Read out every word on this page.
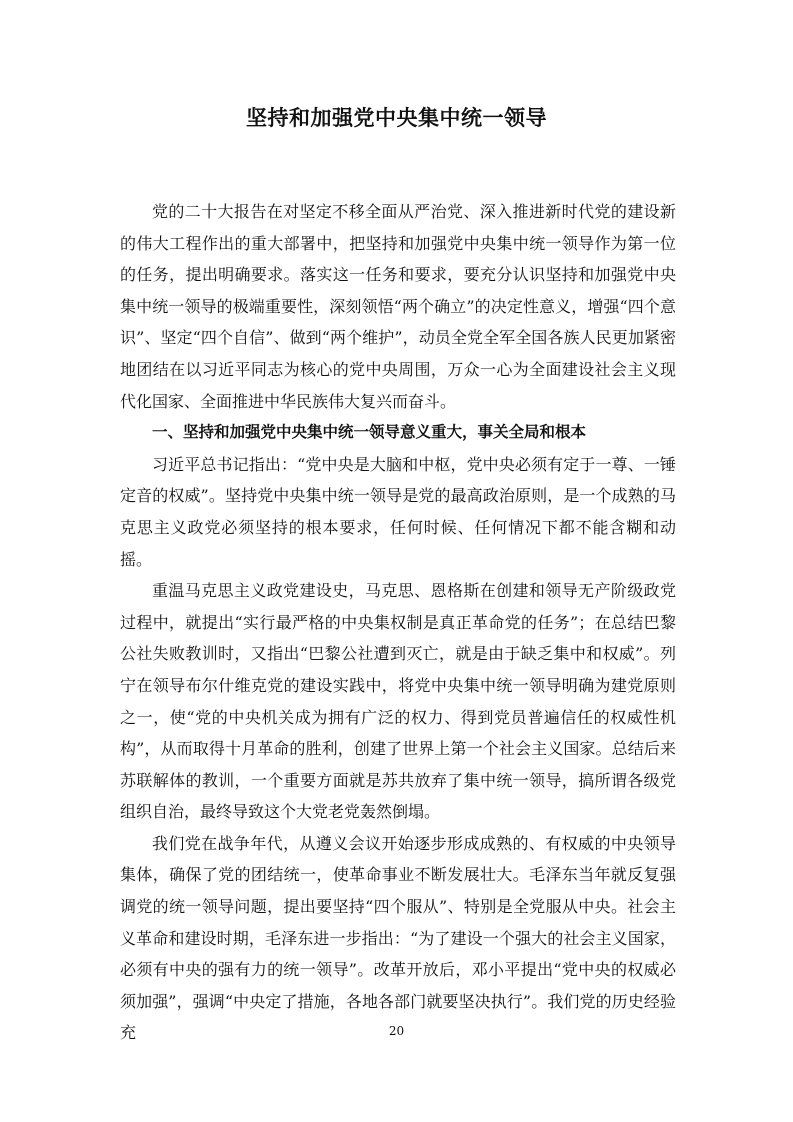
坚持和加强党中央集中统一领导

党的二十大报告在对坚定不移全面从严治党、深入推进新时代党的建设新的伟大工程作出的重大部署中，把坚持和加强党中央集中统一领导作为第一位的任务，提出明确要求。落实这一任务和要求，要充分认识坚持和加强党中央集中统一领导的极端重要性，深刻领悟“两个确立”的决定性意义，增强“四个意识”、坚定“四个自信”、做到“两个维护”，动员全党全军全国各族人民更加紧密地团结在以习近平同志为核心的党中央周围，万众一心为全面建设社会主义现代化国家、全面推进中华民族伟大复兴而奋斗。

一、坚持和加强党中央集中统一领导意义重大，事关全局和根本

习近平总书记指出：“党中央是大脑和中枢，党中央必须有定于一尊、一锤定音的权威”。坚持党中央集中统一领导是党的最高政治原则，是一个成熟的马克思主义政党必须坚持的根本要求，任何时候、任何情况下都不能含糊和动摇。

重温马克思主义政党建设史，马克思、恩格斯在创建和领导无产阶级政党过程中，就提出“实行最严格的中央集权制是真正革命党的任务”；在总结巴黎公社失败教训时，又指出“巴黎公社遭到灭亡，就是由于缺乏集中和权威”。列宁在领导布尔什维克党的建设实践中，将党中央集中统一领导明确为建党原则之一，使“党的中央机关成为拥有广泛的权力、得到党员普遍信任的权威性机构”，从而取得十月革命的胜利，创建了世界上第一个社会主义国家。总结后来苏联解体的教训，一个重要方面就是苏共放弃了集中统一领导，搞所谓各级党组织自治，最终导致这个大党老党轰然倒塌。

我们党在战争年代，从遵义会议开始逐步形成成熟的、有权威的中央领导集体，确保了党的团结统一，使革命事业不断发展壮大。毛泽东当年就反复强调党的统一领导问题，提出要坚持“四个服从”、特别是全党服从中央。社会主义革命和建设时期，毛泽东进一步指出：“为了建设一个强大的社会主义国家，必须有中央的强有力的统一领导”。改革开放后，邓小平提出“党中央的权威必须加强”，强调“中央定了措施，各地各部门就要坚决执行”。我们党的历史经验充	20
